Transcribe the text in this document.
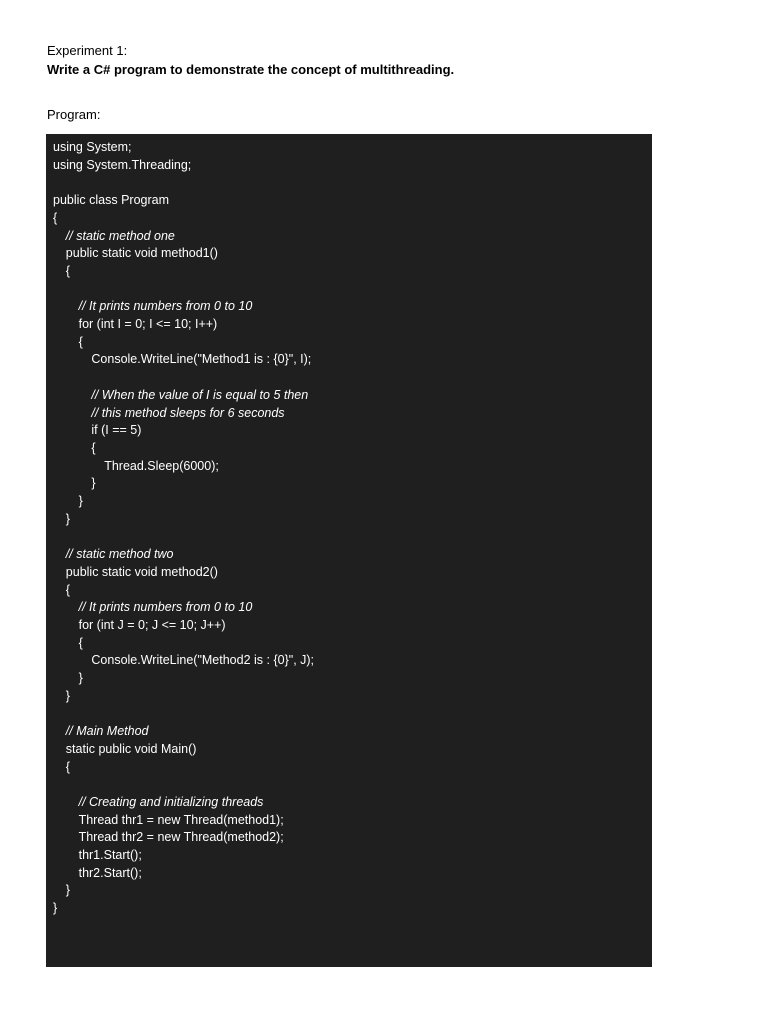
Experiment 1:
Write a C# program to demonstrate the concept of multithreading.
Program:
using System;
using System.Threading;
public class Program
{
// static method one
public static void method1()
{
// It prints numbers from 0 to 10
for (int I = 0; I <= 10; I++)
{
Console.WriteLine("Method1 is : {0}", I);
// When the value of I is equal to 5 then
// this method sleeps for 6 seconds
if (I == 5)
{
Thread.Sleep(6000);
}
}
}
// static method two
public static void method2()
{
// It prints numbers from 0 to 10
for (int J = 0; J <= 10; J++)
{
Console.WriteLine("Method2 is : {0}", J);
}
}
// Main Method
static public void Main()
{
// Creating and initializing threads
Thread thr1 = new Thread(method1);
Thread thr2 = new Thread(method2);
thr1.Start();
thr2.Start();
}
}
